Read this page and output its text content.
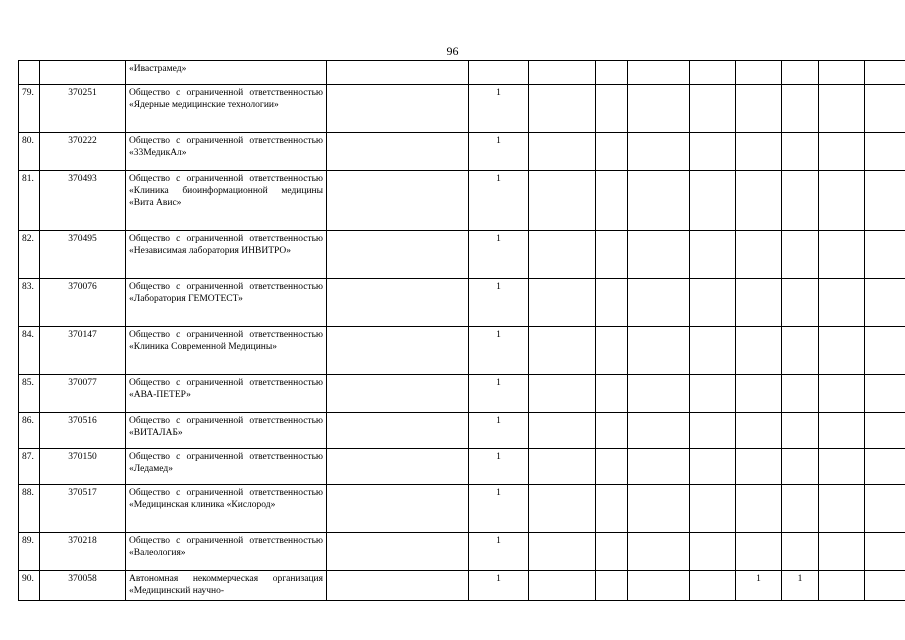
96
		«Ивастрамед»										
79.	370251	Общество с ограниченной ответственностью «Ядерные медицинские технологии»		1								
80.	370222	Общество с ограниченной ответственностью «33МедикАл»		1								
81.	370493	Общество с ограниченной ответственностью «Клиника биоинформационной медицины «Вита Авис»		1								
82.	370495	Общество с ограниченной ответственностью «Независимая лаборатория ИНВИТРО»		1								
83.	370076	Общество с ограниченной ответственностью «Лаборатория ГЕМОТЕСТ»		1								
84.	370147	Общество с ограниченной ответственностью «Клиника Современной Медицины»		1								
85.	370077	Общество с ограниченной ответственностью «АВА-ПЕТЕР»		1								
86.	370516	Общество с ограниченной ответственностью «ВИТАЛАБ»		1								
87.	370150	Общество с ограниченной ответственностью «Ледамед»		1								
88.	370517	Общество с ограниченной ответственностью «Медицинская клиника «Кислород»		1								
89.	370218	Общество с ограниченной ответственностью «Валеология»		1								
90.	370058	Автономная некоммерческая организация «Медицинский научно-		1					1	1		
